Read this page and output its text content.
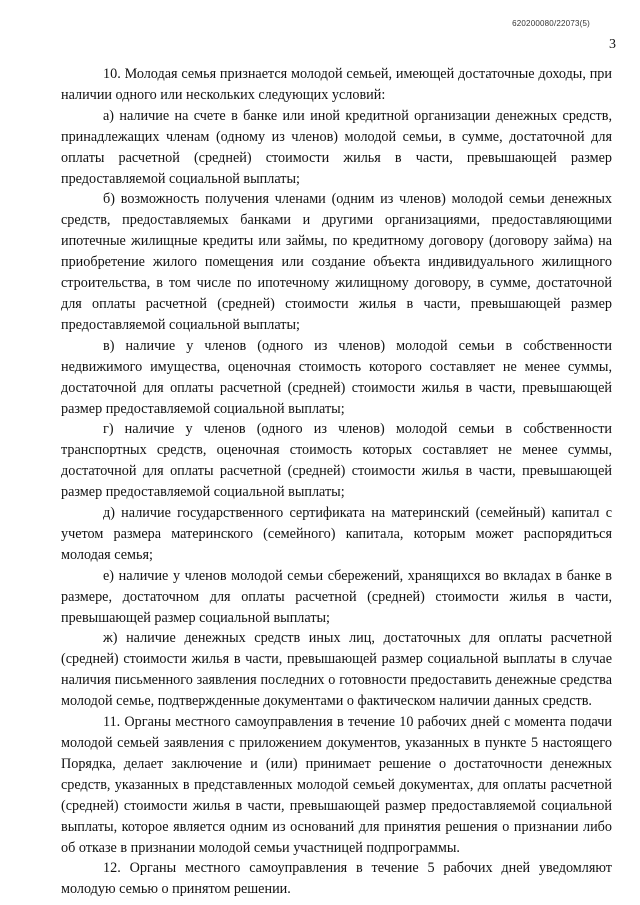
620200080/22073(5)
3

10. Молодая семья признается молодой семьей, имеющей достаточные доходы, при наличии одного или нескольких следующих условий:

а) наличие на счете в банке или иной кредитной организации денежных средств, принадлежащих членам (одному из членов) молодой семьи, в сумме, достаточной для оплаты расчетной (средней) стоимости жилья в части, превышающей размер предоставляемой социальной выплаты;

б) возможность получения членами (одним из членов) молодой семьи денежных средств, предоставляемых банками и другими организациями, предоставляющими ипотечные жилищные кредиты или займы, по кредитному договору (договору займа) на приобретение жилого помещения или создание объекта индивидуального жилищного строительства, в том числе по ипотечному жилищному договору, в сумме, достаточной для оплаты расчетной (средней) стоимости жилья в части, превышающей размер предоставляемой социальной выплаты;

в) наличие у членов (одного из членов) молодой семьи в собственности недвижимого имущества, оценочная стоимость которого составляет не менее суммы, достаточной для оплаты расчетной (средней) стоимости жилья в части, превышающей размер предоставляемой социальной выплаты;

г) наличие у членов (одного из членов) молодой семьи в собственности транспортных средств, оценочная стоимость которых составляет не менее суммы, достаточной для оплаты расчетной (средней) стоимости жилья в части, превышающей размер предоставляемой социальной выплаты;

д) наличие государственного сертификата на материнский (семейный) капитал с учетом размера материнского (семейного) капитала, которым может распорядиться молодая семья;

е) наличие у членов молодой семьи сбережений, хранящихся во вкладах в банке в размере, достаточном для оплаты расчетной (средней) стоимости жилья в части, превышающей размер социальной выплаты;

ж) наличие денежных средств иных лиц, достаточных для оплаты расчетной (средней) стоимости жилья в части, превышающей размер социальной выплаты в случае наличия письменного заявления последних о готовности предоставить денежные средства молодой семье, подтвержденные документами о фактическом наличии данных средств.

11. Органы местного самоуправления в течение 10 рабочих дней с момента подачи молодой семьей заявления с приложением документов, указанных в пункте 5 настоящего Порядка, делает заключение и (или) принимает решение о достаточности денежных средств, указанных в представленных молодой семьей документах, для оплаты расчетной (средней) стоимости жилья в части, превышающей размер предоставляемой социальной выплаты, которое является одним из оснований для принятия решения о признании либо об отказе в признании молодой семьи участницей подпрограммы.

12. Органы местного самоуправления в течение 5 рабочих дней уведомляют молодую семью о принятом решении.
